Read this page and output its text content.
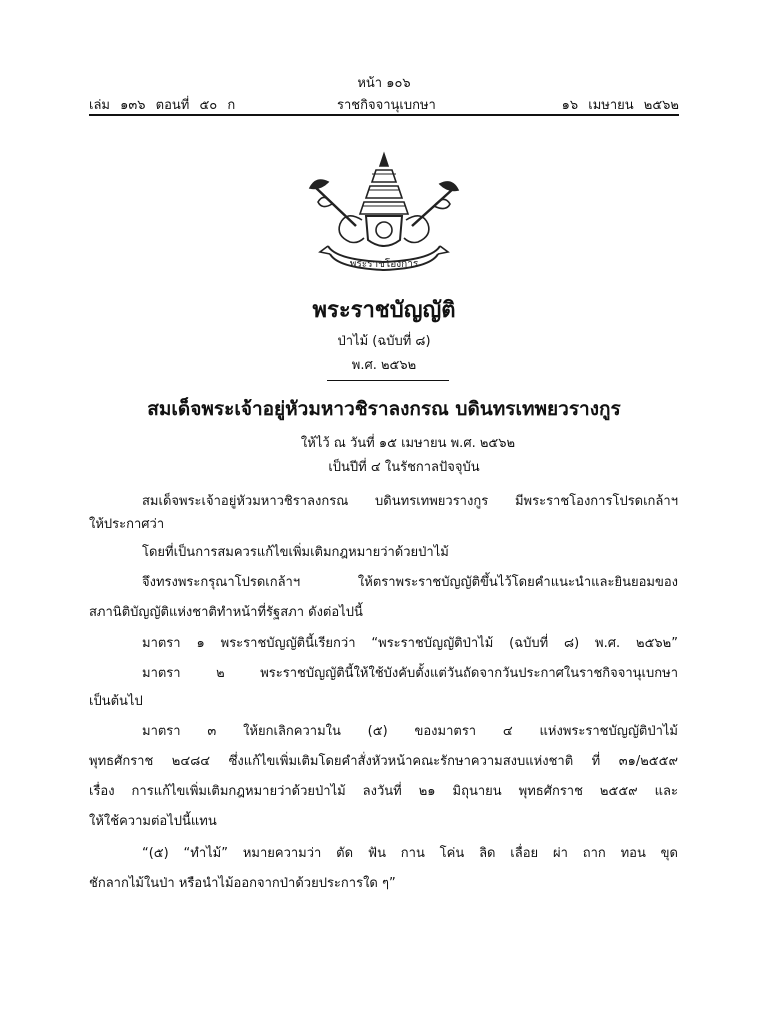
หน้า ๑๐๖
เล่ม ๑๓๖ ตอนที่ ๕๐ ก	ราชกิจจานุเบกษา	๑๖ เมษายน ๒๕๖๒
พระราชโองการ
พระราชบัญญัติ
ป่าไม้ (ฉบับที่ ๘)
พ.ศ. ๒๕๖๒
สมเด็จพระเจ้าอยู่หัวมหาวชิราลงกรณ บดินทรเทพยวรางกูร
ให้ไว้ ณ วันที่ ๑๕ เมษายน พ.ศ. ๒๕๖๒
เป็นปีที่ ๔ ในรัชกาลปัจจุบัน
สมเด็จพระเจ้าอยู่หัวมหาวชิราลงกรณ บดินทรเทพยวรางกูร มีพระราชโองการโปรดเกล้าฯ
ให้ประกาศว่า
โดยที่เป็นการสมควรแก้ไขเพิ่มเติมกฎหมายว่าด้วยป่าไม้
จึงทรงพระกรุณาโปรดเกล้าฯ ให้ตราพระราชบัญญัติขึ้นไว้โดยคำแนะนำและยินยอมของ
สภานิติบัญญัติแห่งชาติทำหน้าที่รัฐสภา ดังต่อไปนี้
มาตรา ๑ พระราชบัญญัตินี้เรียกว่า “พระราชบัญญัติป่าไม้ (ฉบับที่ ๘) พ.ศ. ๒๕๖๒”
มาตรา ๒ พระราชบัญญัตินี้ให้ใช้บังคับตั้งแต่วันถัดจากวันประกาศในราชกิจจานุเบกษา
เป็นต้นไป
มาตรา ๓ ให้ยกเลิกความใน (๕) ของมาตรา ๔ แห่งพระราชบัญญัติป่าไม้
พุทธศักราช ๒๔๘๔ ซึ่งแก้ไขเพิ่มเติมโดยคำสั่งหัวหน้าคณะรักษาความสงบแห่งชาติ ที่ ๓๑/๒๕๕๙
เรื่อง การแก้ไขเพิ่มเติมกฎหมายว่าด้วยป่าไม้ ลงวันที่ ๒๑ มิถุนายน พุทธศักราช ๒๕๕๙ และ
ให้ใช้ความต่อไปนี้แทน
“(๕) “ทำไม้” หมายความว่า ตัด ฟัน กาน โค่น ลิด เลื่อย ผ่า ถาก ทอน ขุด
ชักลากไม้ในป่า หรือนำไม้ออกจากป่าด้วยประการใด ๆ”
